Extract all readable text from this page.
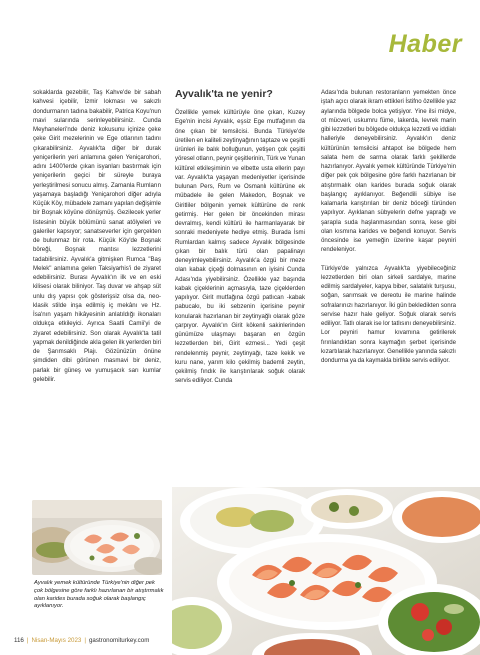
Haber

sokaklarda gezebilir, Taş Kahve'de bir sabah kahvesi içebilir, İzmir lokması ve sakızlı dondurmanın tadına bakabilir, Patrica Koyu'nun mavi sularında serinleyebilirsiniz. Cunda Meyhaneleri'nde deniz kokusunu içinize çeke çeke Girit mezelerinin ve Ege otlarının tadını çıkarabilirsiniz. Ayvalık'ta diğer bir durak yeniçerilerin yeri anlamına gelen Yeniçarohori, adını 1400'lerde çıkan isyanları bastırmak için yeniçerilerin geçici bir süreyle buraya yerleştirilmesi sonucu almış. Zamanla Rumların yaşamaya başladığı Yeniçarohori diğer adıyla Küçük Köy, mübadele zamanı yapılan değişimle bir Boşnak köyüne dönüşmüş. Gezilecek yerler listesinin büyük bölümünü sanat atölyeleri ve galeriler kapsıyor; sanatseverler için gerçekten de bulunmaz bir rota. Küçük Köy'de Boşnak böreği, Boşnak mantısı lezzetlerini tadabilirsiniz. Ayvalık'a gitmişken Rumca "Baş Melek" anlamına gelen Taksiyarhis'i de ziyaret edebilirsiniz. Burası Ayvalık'ın ilk ve en eski kilisesi olarak biliniyor. Taş duvar ve ahşap süt unlu dış yapısı çok gösterişsiz olsa da, neo-klasik stilde inşa edilmiş iç mekânı ve Hz. İsa'nın yaşam hikâyesinin anlatıldığı ikonaları oldukça etkileyici. Ayrıca Saatli Camii'yi de ziyaret edebilirsiniz. Son olarak Ayvalık'ta tatil yapmak denildiğinde akla gelen ilk yerlerden biri de Şarımsaklı Plajı. Gözünüzün önüne şimdiden dibi görünen masmavi bir deniz, parlak bir güneş ve yumuşacık sarı kumlar gelebilir.

Ayvalık'ta ne yenir?

Özellikle yemek kültürüyle öne çıkan, Kuzey Ege'nin incisi Ayvalık, eşsiz Ege mutfağının da öne çıkan bir temsilcisi. Bunda Türkiye'de üretilen en kaliteli zeytinyağının taptaze ve çeşitli ürünleri ile balık bolluğunun, yetişen çok çeşitli yöresel otların, peynir çeşitlerinin, Türk ve Yunan kültürel etkileşiminin ve elbette usta ellerin payı var. Ayvalık'ta yaşayan medeniyetler içerisinde bulunan Pers, Rum ve Osmanlı kültürüne ek mübadele ile gelen Makedon, Boşnak ve Giritliler bölgenin yemek kültürüne de renk getirmiş. Her gelen bir öncekinden mirası devralmış, kendi kültürü ile harmanlayarak bir sonraki medeniyete hediye etmiş. Burada İsmi Rumlardan kalmış sadece Ayvalık bölgesinde çıkan bir balık türü olan papalinayı deneyimleyebilirsiniz. Ayvalık'a özgü bir meze olan kabak çiçeği dolmasının en iyisini Cunda Adası'nda yiyebilirsiniz. Özellikle yaz başında kabak çiçeklerinin açmasıyla, taze çiçeklerden yapılıyor. Girit mutfağına özgü patlıcan -kabak pabucakı, bu iki sebzenin içerisine peynir konularak hazırlanan bir zeytinyağlı olarak göze çarpıyor. Ayvalık'ın Girit kökenli sakinlerinden günümüze ulaşmayı başaran en özgün lezzetlerden biri, Girit ezmesi... Yedi çeşit rendelenmiş peynir, zeytinyağı, taze kekik ve kuru nane, yarım kilo çekilmiş bademli zeytin, çekilmiş fındık ile karıştırılarak soğuk olarak servis ediliyor. Cunda

Adası'nda bulunan restoranların yemekten önce iştah açıcı olarak ikram ettikleri İstifno özellikle yaz aylarında bölgede bolca yetişiyor. Yine ilsi midye, ot mücveri, uskumru füme, lakerda, levrek marin gibi lezzetleri bu bölgede oldukça lezzetli ve iddialı halleriyle deneyebilirsiniz. Ayvalık'ın deniz kültürünün temsilcisi ahtapot ise bölgede hem salata hem de sarma olarak farklı şekillerde hazırlanıyor. Ayvalık yemek kültüründe Türkiye'nin diğer pek çok bölgesine göre farklı hazırlanan bir atıştırmalık olan karides burada soğuk olarak başlangıç ayıklanıyor. Beğendili sübiye ise kalamarla karıştırılan bir deniz böceği türünden yapılıyor. Ayıklanan sübyelerin defne yaprağı ve şarapla suda haşlanmasından sonra, kese gibi olan kısmına karides ve beğendi konuyor. Servis öncesinde ise yemeğin üzerine kaşar peyniri rendeleniyor.

Türkiye'de yalnızca Ayvalık'ta yiyebileceğiniz lezzetlerden biri olan sirkeli sardalye, marine edilmiş sardalyeler, kapya biber, salatalık turşusu, soğan, sarımsak ve dereotu ile marine halinde sofralarınızı hazırlanıyor. İki gün bekledikten sonra servise hazır hale geliyor. Soğuk olarak servis ediliyor. Tatlı olarak ise lor tatlısını deneyebilirsiniz. Lor peyniri hamur kıvamına getirilerek fırınlandıktan sonra kaymağın şerbet içerisinde kızartılarak hazırlanıyor. Genellikle yanında sakızlı dondurma ya da kaymakla birlikte servis ediliyor.

Ayvalık yemek kültüründe Türkiye'nin diğer pek çok bölgesine göre farklı hazırlanan bir atıştırmalık olan karides burada soğuk olarak başlangıç ayıklanıyor.
116 | Nisan-Mayıs 2023 | gastronomiturkey.com
